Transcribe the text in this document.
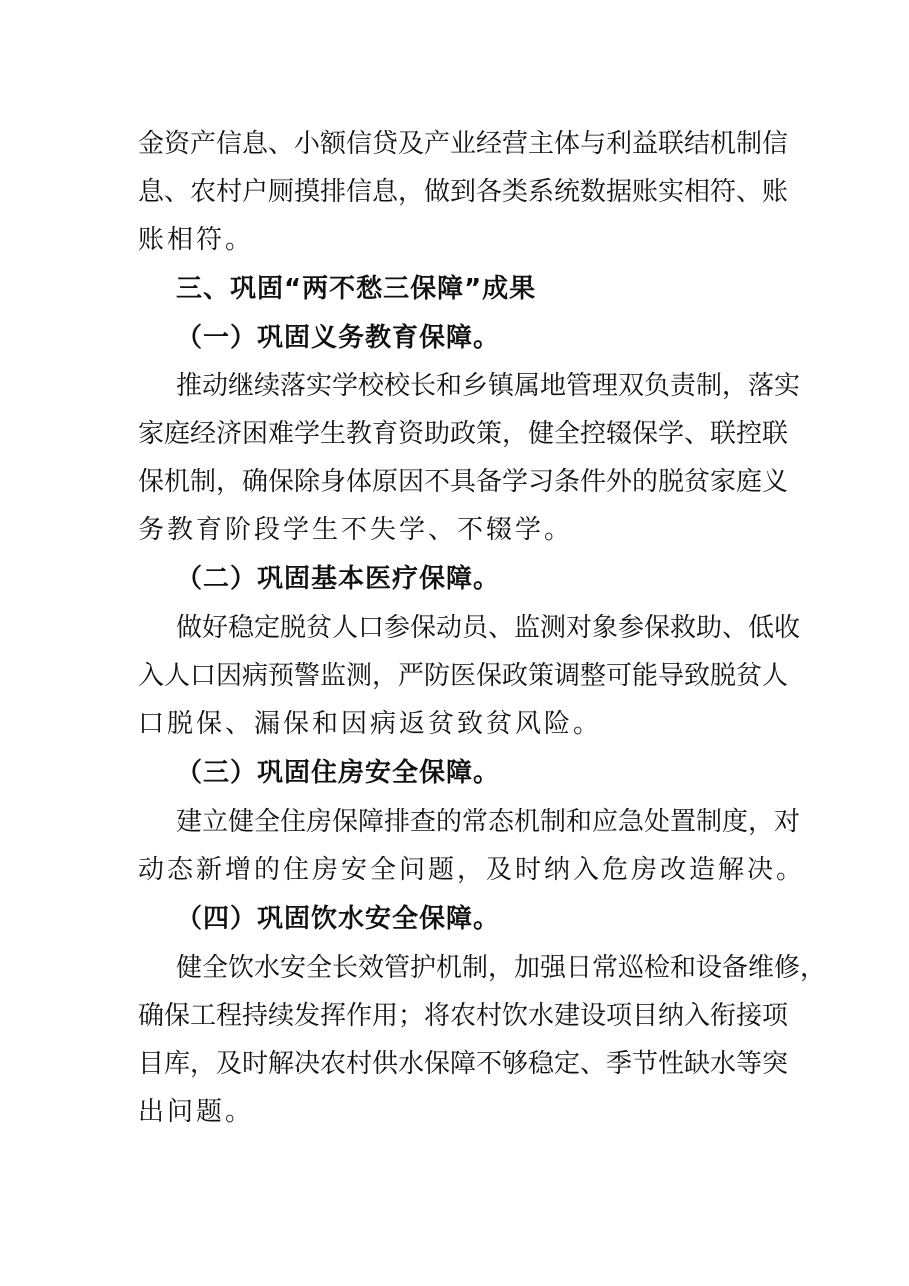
金资产信息、小额信贷及产业经营主体与利益联结机制信
息、农村户厕摸排信息，做到各类系统数据账实相符、账
账相符。
三、巩固“两不愁三保障”成果
（一）巩固义务教育保障。
推动继续落实学校校长和乡镇属地管理双负责制，落实
家庭经济困难学生教育资助政策，健全控辍保学、联控联
保机制，确保除身体原因不具备学习条件外的脱贫家庭义
务教育阶段学生不失学、不辍学。
（二）巩固基本医疗保障。
做好稳定脱贫人口参保动员、监测对象参保救助、低收
入人口因病预警监测，严防医保政策调整可能导致脱贫人
口脱保、漏保和因病返贫致贫风险。
（三）巩固住房安全保障。
建立健全住房保障排查的常态机制和应急处置制度，对
动态新增的住房安全问题，及时纳入危房改造解决。
（四）巩固饮水安全保障。
健全饮水安全长效管护机制，加强日常巡检和设备维修，
确保工程持续发挥作用；将农村饮水建设项目纳入衔接项
目库，及时解决农村供水保障不够稳定、季节性缺水等突
出问题。
